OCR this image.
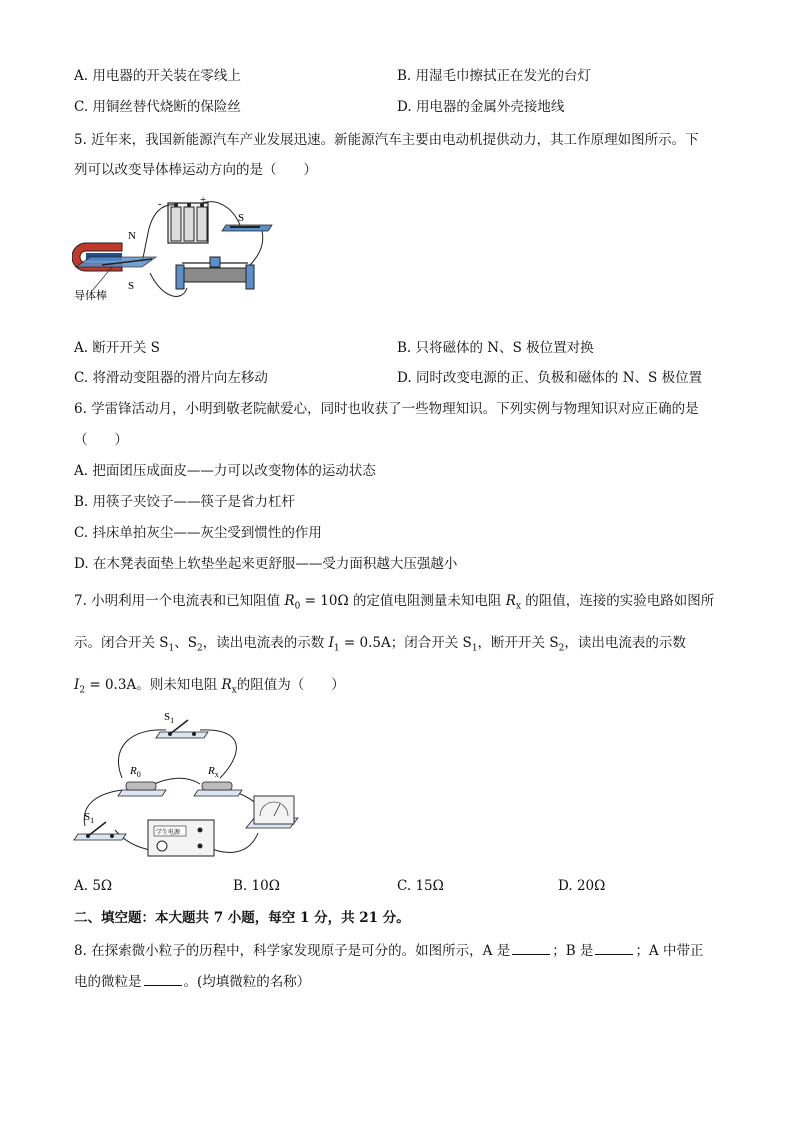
A. 用电器的开关装在零线上	B. 用湿毛巾擦拭正在发光的台灯
C. 用铜丝替代烧断的保险丝	D. 用电器的金属外壳接地线
5. 近年来，我国新能源汽车产业发展迅速。新能源汽车主要由电动机提供动力，其工作原理如图所示。下
列可以改变导体棒运动方向的是（　　）
-	+
N
S
导体棒
S
A. 断开开关 S	B. 只将磁体的 N、S 极位置对换
C. 将滑动变阻器的滑片向左移动	D. 同时改变电源的正、负极和磁体的 N、S 极位置
6. 学雷锋活动月，小明到敬老院献爱心，同时也收获了一些物理知识。下列实例与物理知识对应正确的是
（　　）
A. 把面团压成面皮——力可以改变物体的运动状态
B. 用筷子夹饺子——筷子是省力杠杆
C. 抖床单拍灰尘——灰尘受到惯性的作用
D. 在木凳表面垫上软垫坐起来更舒服——受力面积越大压强越小
7. 小明利用一个电流表和已知阻值 $R_0 = 10\Omega$ 的定值电阻测量未知电阻 $R_x$ 的阻值，连接的实验电路如图所
示。闭合开关 $S_1$、$S_2$，读出电流表的示数 $I_1 = 0.5A$；闭合开关 $S_1$，断开开关 $S_2$，读出电流表的示数
$I_2 = 0.3A$。则未知电阻 $R_x$的阻值为（　　）
$S_1$
$R_0$	$R_x$
$S_1$
学生电源
A. 5Ω	B. 10Ω	C. 15Ω	D. 20Ω
二、填空题：本大题共 7 小题，每空 1 分，共 21 分。
8. 在探索微小粒子的历程中，科学家发现原子是可分的。如图所示，A 是	；B 是	；A 中带正
电的微粒是	。(均填微粒的名称）
